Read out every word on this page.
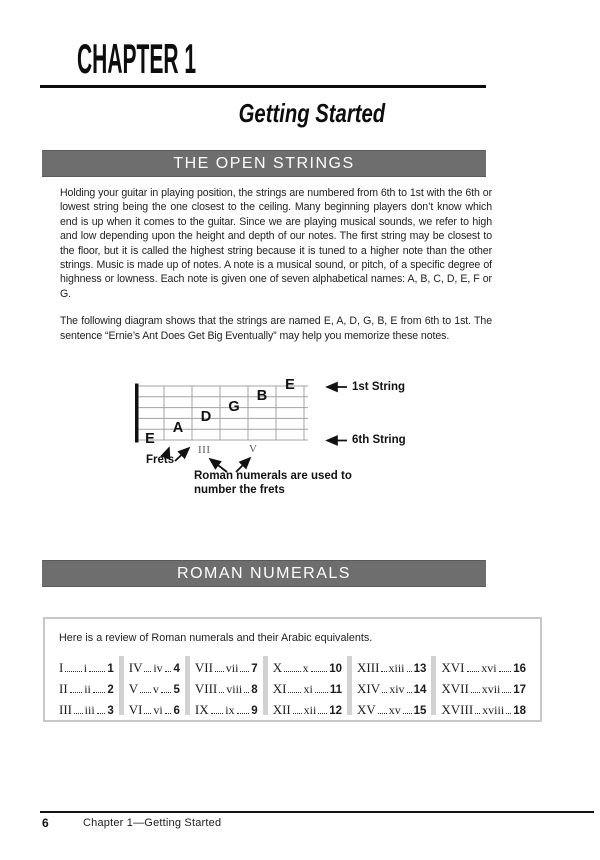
CHAPTER 1
Getting Started
THE OPEN STRINGS

Holding your guitar in playing position, the strings are numbered from 6th to 1st with the 6th or lowest string being the one closest to the ceiling. Many beginning players don’t know which end is up when it comes to the guitar. Since we are playing musical sounds, we refer to high and low depending upon the height and depth of our notes. The first string may be closest to the floor, but it is called the highest string because it is tuned to a higher note than the other strings. Music is made up of notes. A note is a musical sound, or pitch, of a specific degree of highness or lowness. Each note is given one of seven alphabetical names: A, B, C, D, E, F or G.

The following diagram shows that the strings are named E, A, D, G, B, E from 6th to 1st. The sentence “Ernie’s Ant Does Get Big Eventually” may help you memorize these notes.

E
A
D
G
B
E	1st String
6th String
Frets
III	V
Roman numerals are used to number the frets
ROMAN NUMERALS
Here is a review of Roman numerals and their Arabic equivalents.
I i 1
II ii 2
III iii 3
IV iv 4
V v 5
VI vi 6
VII vii 7
VIII viii 8
IX ix 9
X x 10
XI xi 11
XII xii 12
XIII xiii 13
XIV xiv 14
XV xv 15
XVI xvi 16
XVII xvii 17
XVIII xviii 18
6	Chapter 1—Getting Started
